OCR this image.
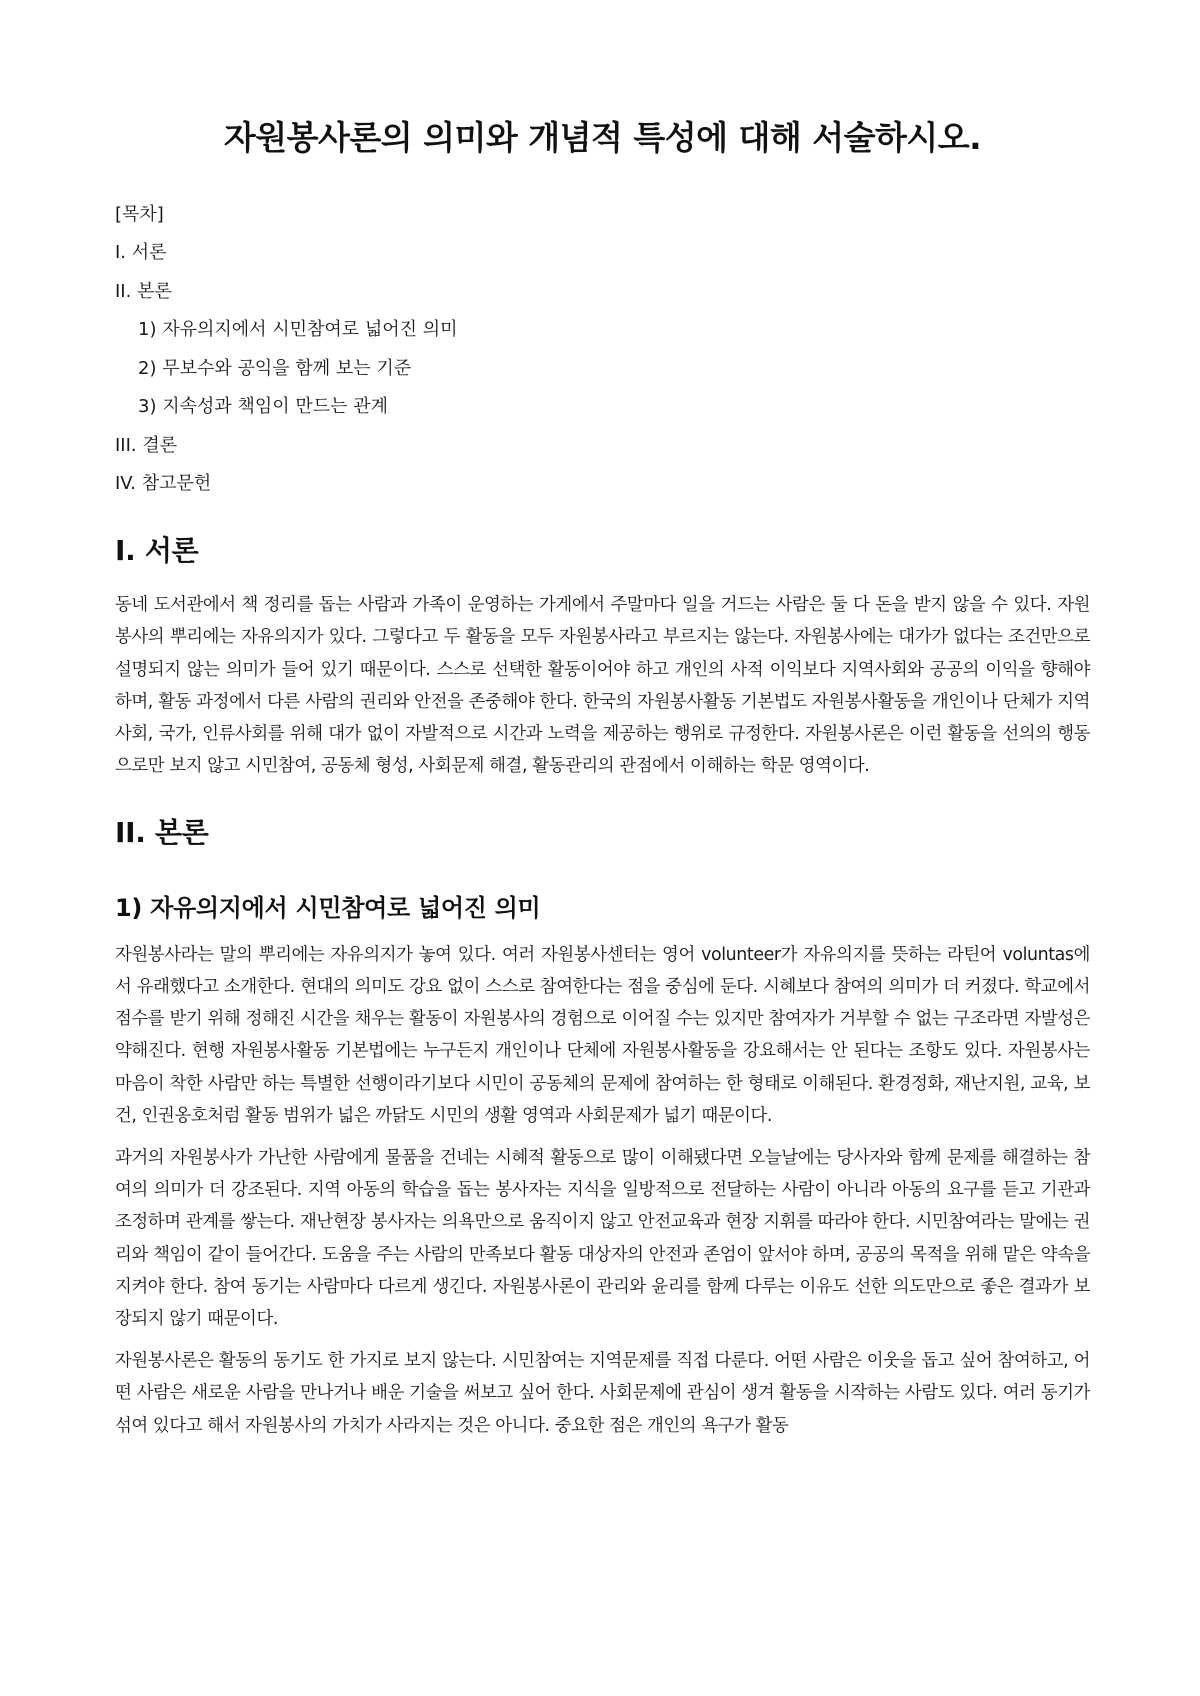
자원봉사론의 의미와 개념적 특성에 대해 서술하시오.
[목차]
I. 서론
II. 본론
1) 자유의지에서 시민참여로 넓어진 의미
2) 무보수와 공익을 함께 보는 기준
3) 지속성과 책임이 만드는 관계
III. 결론
IV. 참고문헌
I. 서론

동네 도서관에서 책 정리를 돕는 사람과 가족이 운영하는 가게에서 주말마다 일을 거드는 사람은 둘 다 돈을 받지 않을 수 있다. 자원봉사의 뿌리에는 자유의지가 있다. 그렇다고 두 활동을 모두 자원봉사라고 부르지는 않는다. 자원봉사에는 대가가 없다는 조건만으로 설명되지 않는 의미가 들어 있기 때문이다. 스스로 선택한 활동이어야 하고 개인의 사적 이익보다 지역사회와 공공의 이익을 향해야 하며, 활동 과정에서 다른 사람의 권리와 안전을 존중해야 한다. 한국의 자원봉사활동 기본법도 자원봉사활동을 개인이나 단체가 지역사회, 국가, 인류사회를 위해 대가 없이 자발적으로 시간과 노력을 제공하는 행위로 규정한다. 자원봉사론은 이런 활동을 선의의 행동으로만 보지 않고 시민참여, 공동체 형성, 사회문제 해결, 활동관리의 관점에서 이해하는 학문 영역이다.

II. 본론
1) 자유의지에서 시민참여로 넓어진 의미

자원봉사라는 말의 뿌리에는 자유의지가 놓여 있다. 여러 자원봉사센터는 영어 volunteer가 자유의지를 뜻하는 라틴어 voluntas에서 유래했다고 소개한다. 현대의 의미도 강요 없이 스스로 참여한다는 점을 중심에 둔다. 시혜보다 참여의 의미가 더 커졌다. 학교에서 점수를 받기 위해 정해진 시간을 채우는 활동이 자원봉사의 경험으로 이어질 수는 있지만 참여자가 거부할 수 없는 구조라면 자발성은 약해진다. 현행 자원봉사활동 기본법에는 누구든지 개인이나 단체에 자원봉사활동을 강요해서는 안 된다는 조항도 있다. 자원봉사는 마음이 착한 사람만 하는 특별한 선행이라기보다 시민이 공동체의 문제에 참여하는 한 형태로 이해된다. 환경정화, 재난지원, 교육, 보건, 인권옹호처럼 활동 범위가 넓은 까닭도 시민의 생활 영역과 사회문제가 넓기 때문이다.

과거의 자원봉사가 가난한 사람에게 물품을 건네는 시혜적 활동으로 많이 이해됐다면 오늘날에는 당사자와 함께 문제를 해결하는 참여의 의미가 더 강조된다. 지역 아동의 학습을 돕는 봉사자는 지식을 일방적으로 전달하는 사람이 아니라 아동의 요구를 듣고 기관과 조정하며 관계를 쌓는다. 재난현장 봉사자는 의욕만으로 움직이지 않고 안전교육과 현장 지휘를 따라야 한다. 시민참여라는 말에는 권리와 책임이 같이 들어간다. 도움을 주는 사람의 만족보다 활동 대상자의 안전과 존엄이 앞서야 하며, 공공의 목적을 위해 맡은 약속을 지켜야 한다. 참여 동기는 사람마다 다르게 생긴다. 자원봉사론이 관리와 윤리를 함께 다루는 이유도 선한 의도만으로 좋은 결과가 보장되지 않기 때문이다.

자원봉사론은 활동의 동기도 한 가지로 보지 않는다. 시민참여는 지역문제를 직접 다룬다. 어떤 사람은 이웃을 돕고 싶어 참여하고, 어떤 사람은 새로운 사람을 만나거나 배운 기술을 써보고 싶어 한다. 사회문제에 관심이 생겨 활동을 시작하는 사람도 있다. 여러 동기가 섞여 있다고 해서 자원봉사의 가치가 사라지는 것은 아니다. 중요한 점은 개인의 욕구가 활동
